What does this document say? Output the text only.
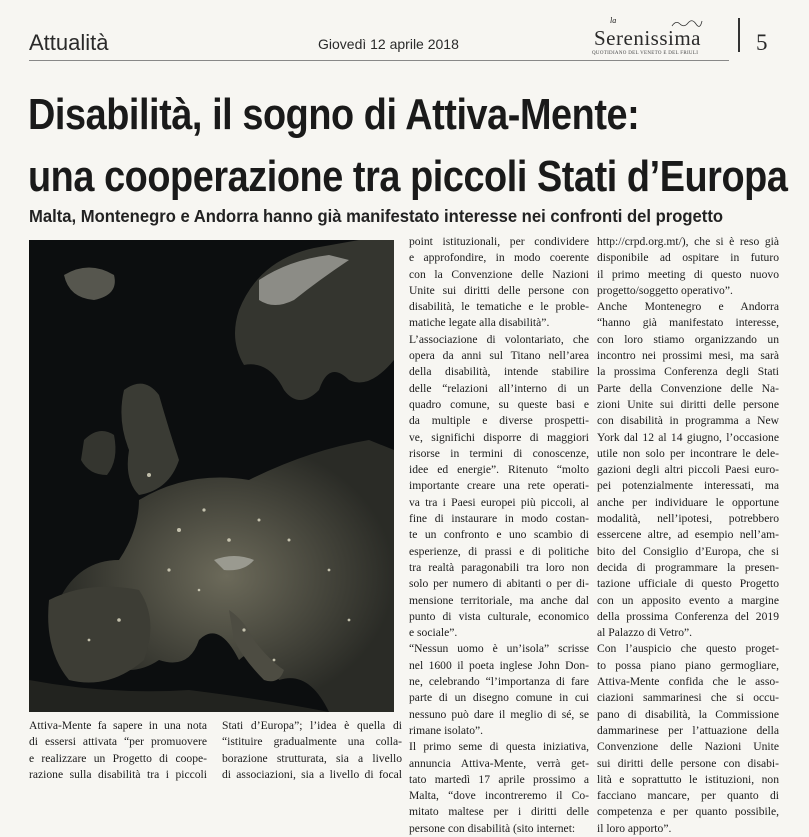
Attualità	Giovedì 12 aprile 2018
la
Serenissima
QUOTIDIANO DEL VENETO E DEL FRIULI	5
Disabilità, il sogno di Attiva-Mente:
una cooperazione tra piccoli Stati d’Europa
Malta, Montenegro e Andorra hanno già manifestato interesse nei confronti del progetto

Attiva-Mente fa sapere in una nota

di essersi attivata “per promuovere

e realizzare un Progetto di coope-

razione sulla disabilità tra i piccoli

Stati d’Europa”; l’idea è quella di

“istituire gradualmente una colla-

borazione strutturata, sia a livello

di associazioni, sia a livello di focal

point istituzionali, per condividere

e approfondire, in modo coerente

con la Convenzione delle Nazioni

Unite sui diritti delle persone con

disabilità, le tematiche e le proble-

matiche legate alla disabilità”.

L’associazione di volontariato, che

opera da anni sul Titano nell’area

della disabilità, intende stabilire

delle “relazioni all’interno di un

quadro comune, su queste basi e

da multiple e diverse prospetti-

ve, significhi disporre di maggiori

risorse in termini di conoscenze,

idee ed energie”. Ritenuto “molto

importante creare una rete operati-

va tra i Paesi europei più piccoli, al

fine di instaurare in modo costan-

te un confronto e uno scambio di

esperienze, di prassi e di politiche

tra realtà paragonabili tra loro non

solo per numero di abitanti o per di-

mensione territoriale, ma anche dal

punto di vista culturale, economico

e sociale”.

“Nessun uomo è un’isola” scrisse

nel 1600 il poeta inglese John Don-

ne, celebrando “l’importanza di fare

parte di un disegno comune in cui

nessuno può dare il meglio di sé, se

rimane isolato”.

Il primo seme di questa iniziativa,

annuncia Attiva-Mente, verrà get-

tato martedì 17 aprile prossimo a

Malta, “dove incontreremo il Co-

mitato maltese per i diritti delle

persone con disabilità (sito internet:

http://crpd.org.mt/), che si è reso già

disponibile ad ospitare in futuro

il primo meeting di questo nuovo

progetto/soggetto operativo”.

Anche Montenegro e Andorra

“hanno già manifestato interesse,

con loro stiamo organizzando un

incontro nei prossimi mesi, ma sarà

la prossima Conferenza degli Stati

Parte della Convenzione delle Na-

zioni Unite sui diritti delle persone

con disabilità in programma a New

York dal 12 al 14 giugno, l’occasione

utile non solo per incontrare le dele-

gazioni degli altri piccoli Paesi euro-

pei potenzialmente interessati, ma

anche per individuare le opportune

modalità, nell’ipotesi, potrebbero

essercene altre, ad esempio nell’am-

bito del Consiglio d’Europa, che si

decida di programmare la presen-

tazione ufficiale di questo Progetto

con un apposito evento a margine

della prossima Conferenza del 2019

al Palazzo di Vetro”.

Con l’auspicio che questo proget-

to possa piano piano germogliare,

Attiva-Mente confida che le asso-

ciazioni sammarinesi che si occu-

pano di disabilità, la Commissione

dammarinese per l’attuazione della

Convenzione delle Nazioni Unite

sui diritti delle persone con disabi-

lità e soprattutto le istituzioni, non

facciano mancare, per quanto di

competenza e per quanto possibile,

il loro apporto”.
